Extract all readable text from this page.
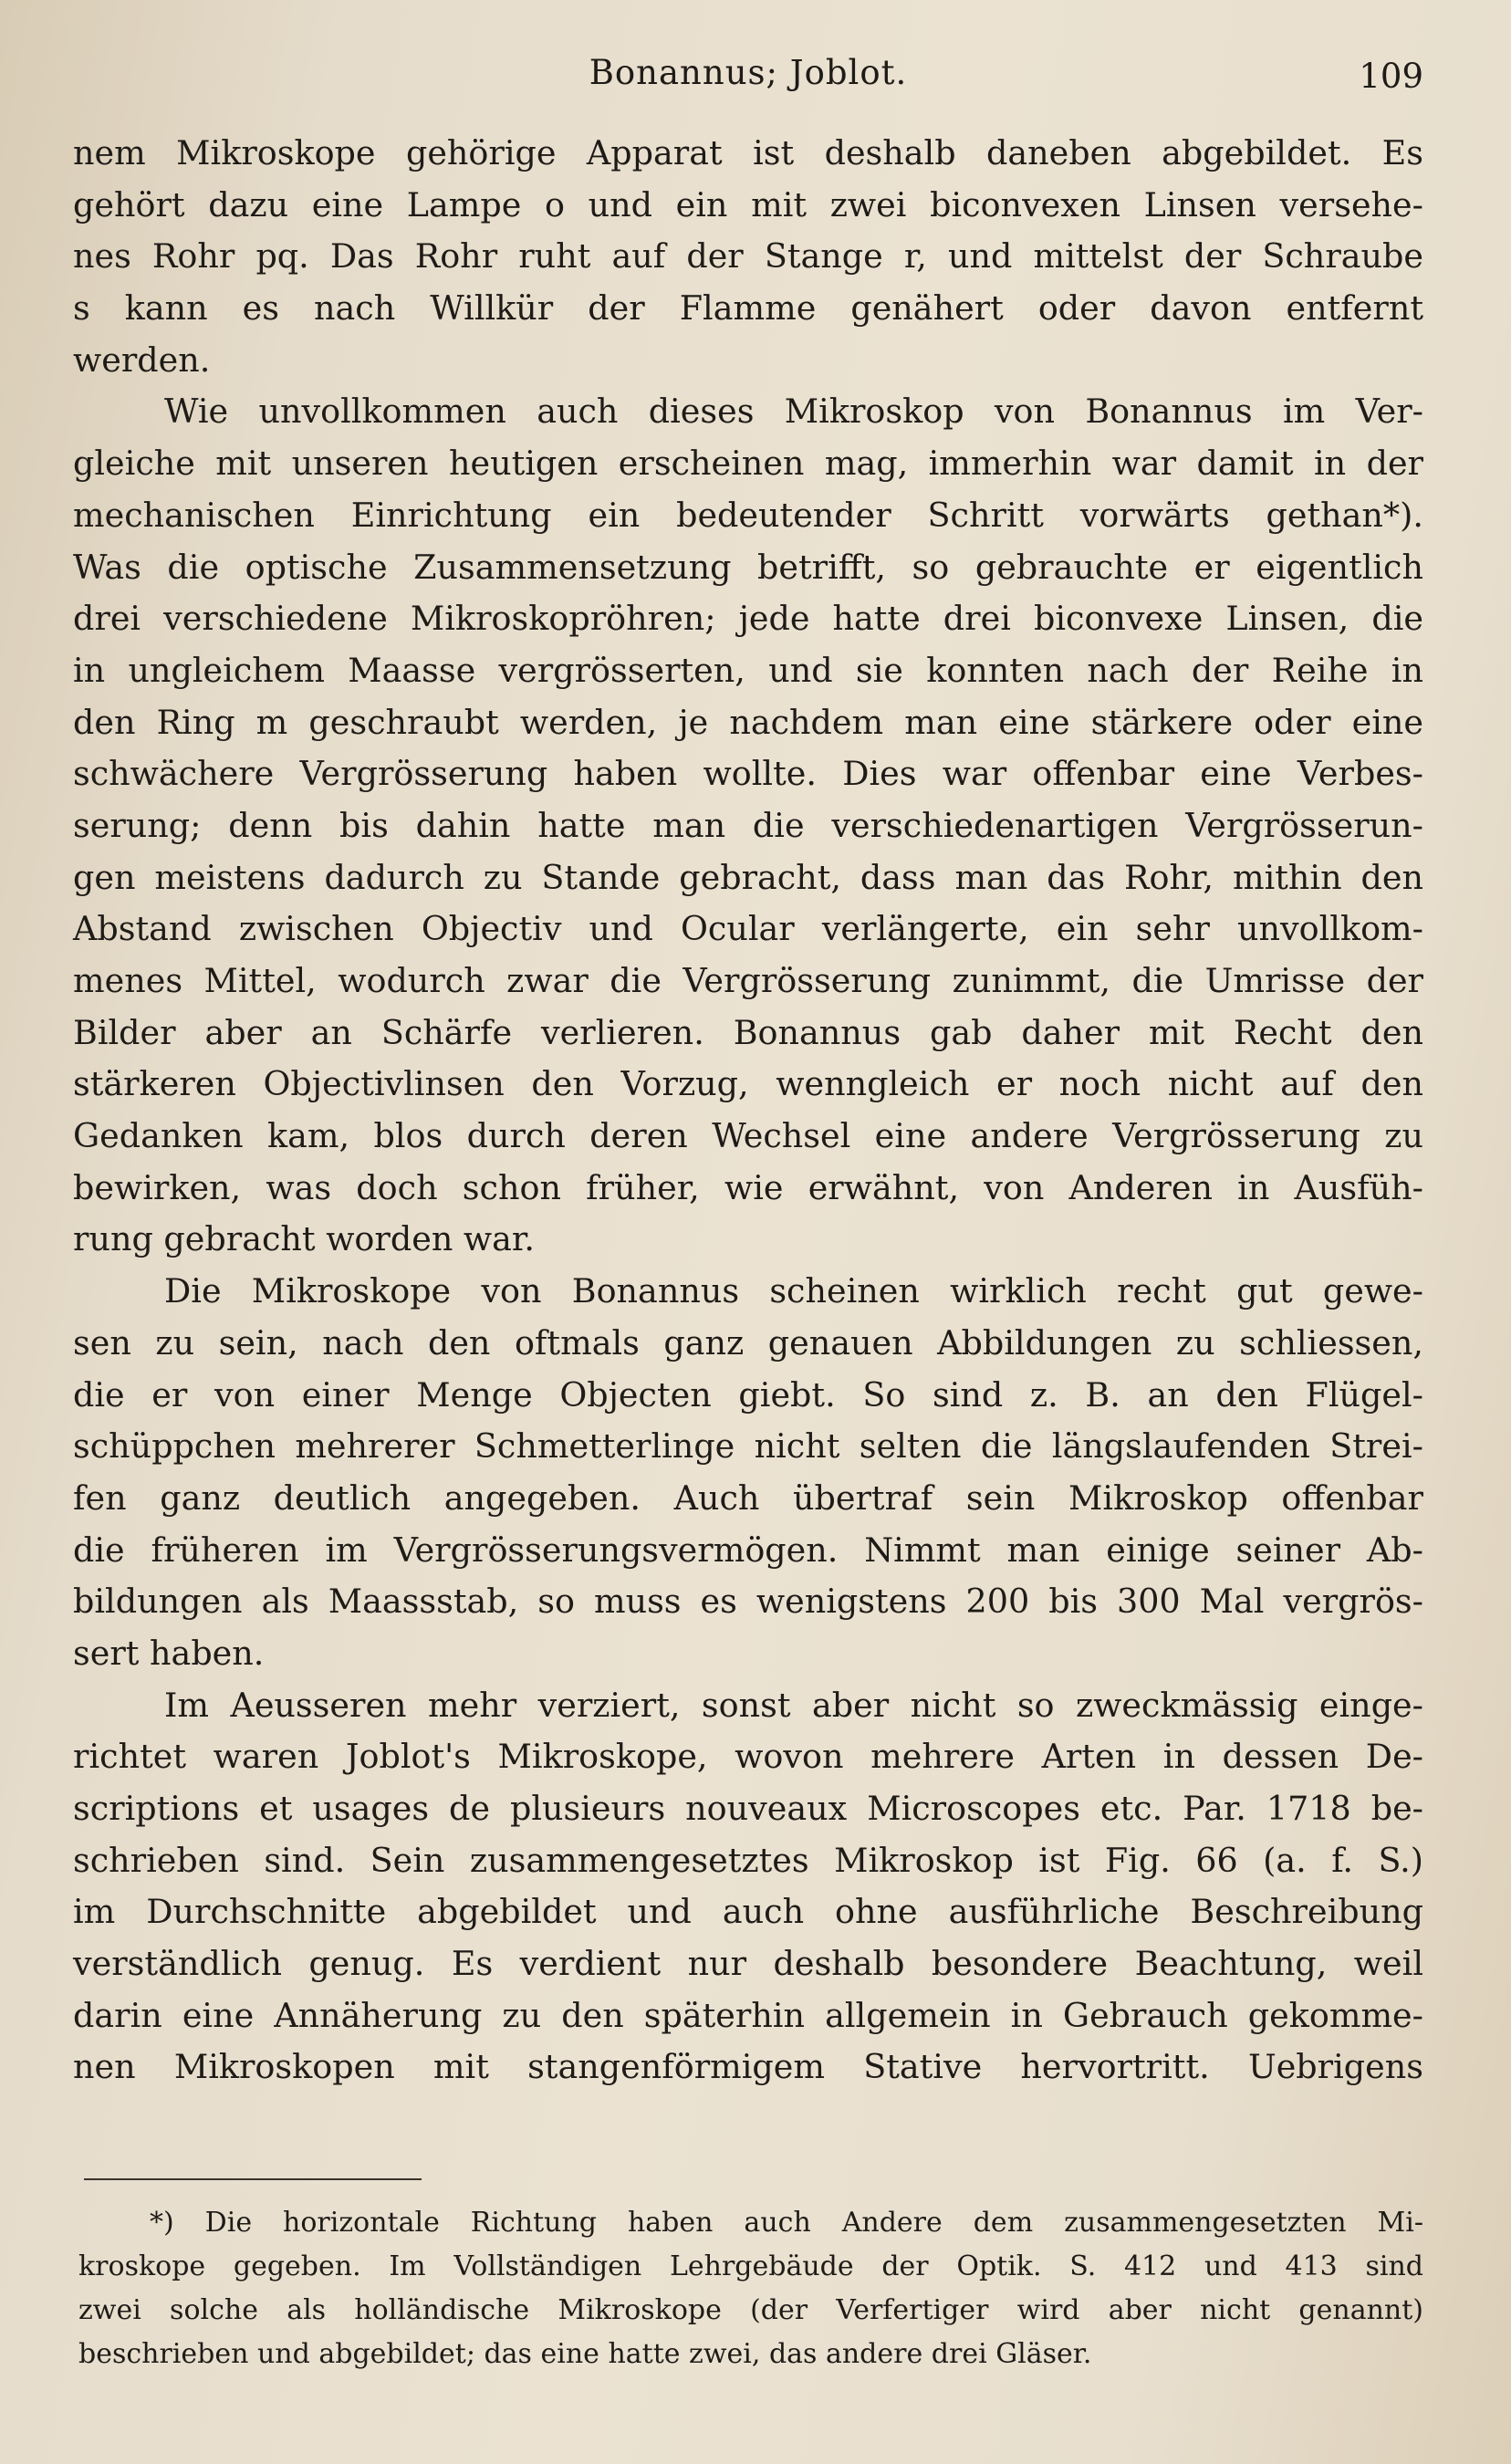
Bonannus; Joblot.	109
nem Mikroskope gehörige Apparat ist deshalb daneben abgebildet. Es
gehört dazu eine Lampe o und ein mit zwei biconvexen Linsen versehe-
nes Rohr pq. Das Rohr ruht auf der Stange r, und mittelst der Schraube
s kann es nach Willkür der Flamme genähert oder davon entfernt
werden.
Wie unvollkommen auch dieses Mikroskop von Bonannus im Ver-
gleiche mit unseren heutigen erscheinen mag, immerhin war damit in der
mechanischen Einrichtung ein bedeutender Schritt vorwärts gethan*).
Was die optische Zusammensetzung betrifft, so gebrauchte er eigentlich
drei verschiedene Mikroskopröhren; jede hatte drei biconvexe Linsen, die
in ungleichem Maasse vergrösserten, und sie konnten nach der Reihe in
den Ring m geschraubt werden, je nachdem man eine stärkere oder eine
schwächere Vergrösserung haben wollte. Dies war offenbar eine Verbes-
serung; denn bis dahin hatte man die verschiedenartigen Vergrösserun-
gen meistens dadurch zu Stande gebracht, dass man das Rohr, mithin den
Abstand zwischen Objectiv und Ocular verlängerte, ein sehr unvollkom-
menes Mittel, wodurch zwar die Vergrösserung zunimmt, die Umrisse der
Bilder aber an Schärfe verlieren. Bonannus gab daher mit Recht den
stärkeren Objectivlinsen den Vorzug, wenngleich er noch nicht auf den
Gedanken kam, blos durch deren Wechsel eine andere Vergrösserung zu
bewirken, was doch schon früher, wie erwähnt, von Anderen in Ausfüh-
rung gebracht worden war.
Die Mikroskope von Bonannus scheinen wirklich recht gut gewe-
sen zu sein, nach den oftmals ganz genauen Abbildungen zu schliessen,
die er von einer Menge Objecten giebt. So sind z. B. an den Flügel-
schüppchen mehrerer Schmetterlinge nicht selten die längslaufenden Strei-
fen ganz deutlich angegeben. Auch übertraf sein Mikroskop offenbar
die früheren im Vergrösserungsvermögen. Nimmt man einige seiner Ab-
bildungen als Maassstab, so muss es wenigstens 200 bis 300 Mal vergrös-
sert haben.
Im Aeusseren mehr verziert, sonst aber nicht so zweckmässig einge-
richtet waren Joblot's Mikroskope, wovon mehrere Arten in dessen De-
scriptions et usages de plusieurs nouveaux Microscopes etc. Par. 1718 be-
schrieben sind. Sein zusammengesetztes Mikroskop ist Fig. 66 (a. f. S.)
im Durchschnitte abgebildet und auch ohne ausführliche Beschreibung
verständlich genug. Es verdient nur deshalb besondere Beachtung, weil
darin eine Annäherung zu den späterhin allgemein in Gebrauch gekomme-
nen Mikroskopen mit stangenförmigem Stative hervortritt. Uebrigens
*) Die horizontale Richtung haben auch Andere dem zusammengesetzten Mi-
kroskope gegeben. Im Vollständigen Lehrgebäude der Optik. S. 412 und 413 sind
zwei solche als holländische Mikroskope (der Verfertiger wird aber nicht genannt)
beschrieben und abgebildet; das eine hatte zwei, das andere drei Gläser.
